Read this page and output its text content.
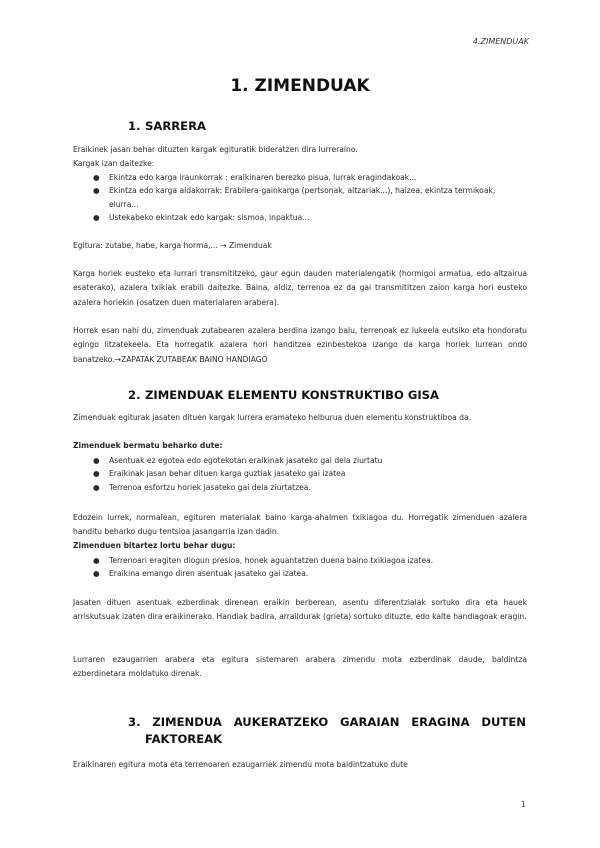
4.ZIMENDUAK
1. ZIMENDUAK
1. SARRERA
Eraikinek jasan behar dituzten kargak egituratik bideratzen dira lurreraino.
Kargak izan daitezke:
● Ekintza edo karga iraunkorrak : eraikinaren berezko pisua, lurrak eragindakoak...
● Ekintza edo karga aldakorrak: Erabilera-gainkarga (pertsonak, altzariak...), haizea, ekintza termikoak, elurra...
● Ustekabeko ekintzak edo kargak: sismoa, inpaktua...
Egitura: zutabe, habe, karga horma,... → Zimenduak
Karga horiek eusteko eta lurrari transmititzeko, gaur egun dauden materialengatik (hormigoi armatua, edo altzairua esaterako), azalera txikiak erabili daitezke. Baina, aldiz, terrenoa ez da gai transmititzen zaion karga hori eusteko azalera horiekin (osatzen duen materialaren arabera).
Horrek esan nahi du, zimenduak zutabearen azalera berdina izango balu, terrenoak ez lukeela eutsiko eta hondoratu egingo litzatekeela. Eta horregatik azalera hori handitzea ezinbestekoa izango da karga horiek lurrean ondo banatzeko.→ZAPATAK ZUTABEAK BAINO HANDIAGO
2. ZIMENDUAK ELEMENTU KONSTRUKTIBO GISA
Zimenduak egiturak jasaten dituen kargak lurrera eramateko helburua duen elementu konstruktiboa da.
Zimenduek bermatu beharko dute:
● Asentuak ez egotea edo egotekotan eraikinak jasateko gai dela ziurtatu
● Eraikinak jasan behar dituen karga guztiak jasateko gai izatea
● Terrenoa esfortzu horiek jasateko gai dela ziurtatzea.
Edozein lurrek, normalean, egituren materialak baino karga-ahalmen txikiagoa du. Horregatik zimenduen azalera handitu beharko dugu tentsioa jasangarria izan dadin.
Zimenduen bitartez lortu behar dugu:
● Terrenoari eragiten diogun presioa, honek aguantatzen duena baino txikiagoa izatea.
● Eraikina emango diren asentuak jasateko gai izatea.
Jasaten dituen asentuak ezberdinak direnean eraikin berberean, asentu diferentzialak sortuko dira eta hauek arriskutsuak izaten dira eraikinerako. Handiak badira, arraildurak (grieta) sortuko dituzte, edo kalte handiagoak eragin.
Lurraren ezaugarrien arabera eta egitura sistemaren arabera zimendu mota ezberdinak daude, baldintza ezberdinetara moldatuko direnak.
3. ZIMENDUA AUKERATZEKO GARAIAN ERAGINA DUTEN
FAKTOREAK
Eraikinaren egitura mota eta terrenoaren ezaugarriek zimendu mota baldintzatuko dute
1
